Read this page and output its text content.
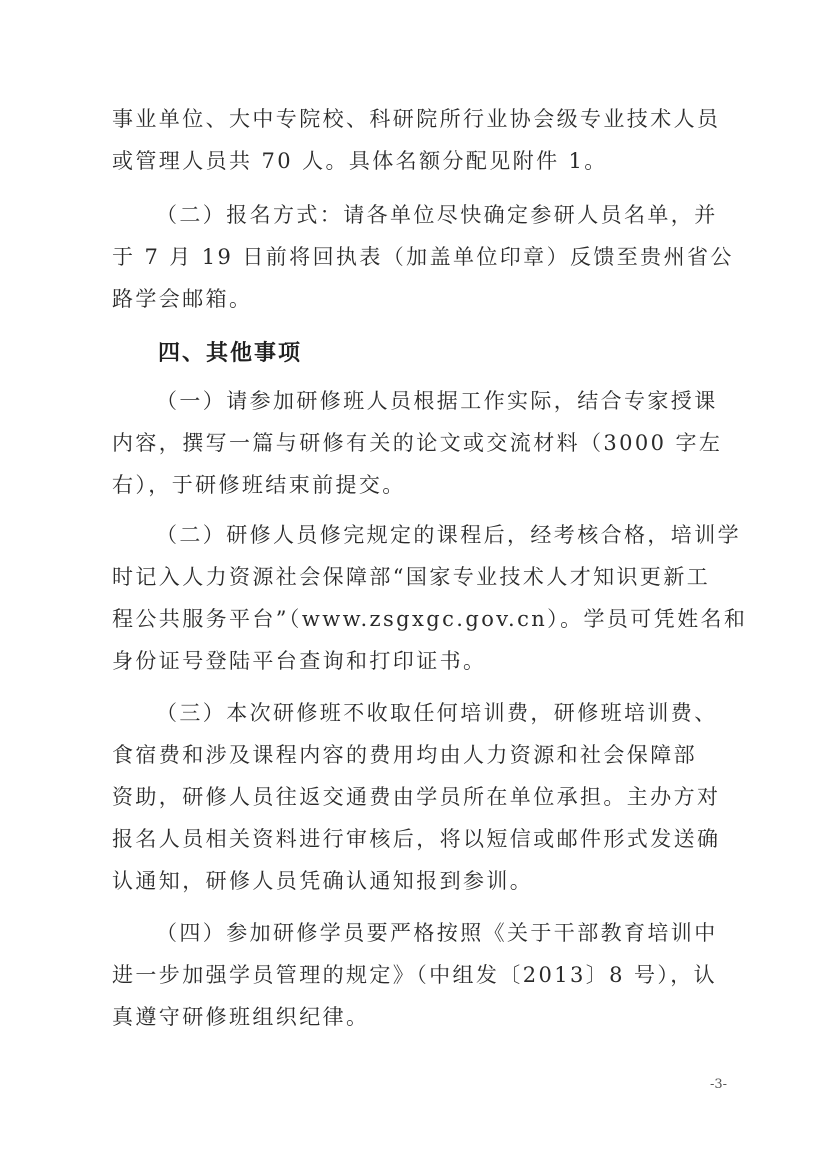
事业单位、大中专院校、科研院所行业协会级专业技术人员
或管理人员共 70 人。具体名额分配见附件 1。

（二）报名方式：请各单位尽快确定参研人员名单，并
于 7 月 19 日前将回执表（加盖单位印章）反馈至贵州省公
路学会邮箱。

四、其他事项

（一）请参加研修班人员根据工作实际，结合专家授课
内容，撰写一篇与研修有关的论文或交流材料（3000 字左
右），于研修班结束前提交。

（二）研修人员修完规定的课程后，经考核合格，培训学
时记入人力资源社会保障部“国家专业技术人才知识更新工
程公共服务平台”（www.zsgxgc.gov.cn）。学员可凭姓名和
身份证号登陆平台查询和打印证书。

（三）本次研修班不收取任何培训费，研修班培训费、
食宿费和涉及课程内容的费用均由人力资源和社会保障部
资助，研修人员往返交通费由学员所在单位承担。主办方对
报名人员相关资料进行审核后，将以短信或邮件形式发送确
认通知，研修人员凭确认通知报到参训。

（四）参加研修学员要严格按照《关于干部教育培训中
进一步加强学员管理的规定》（中组发〔2013〕8 号），认
真遵守研修班组织纪律。

-3-
